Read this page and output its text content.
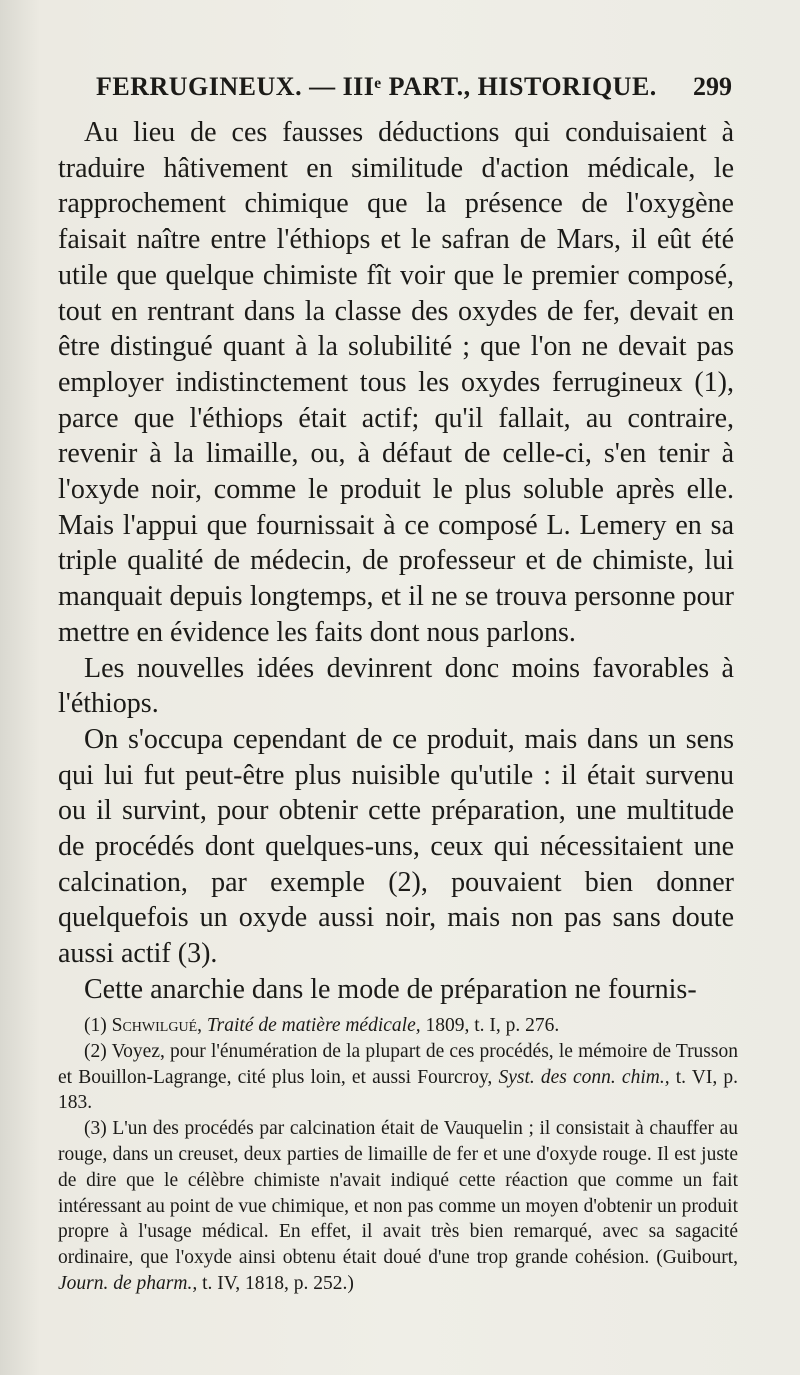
FERRUGINEUX. — IIIᵉ PART., HISTORIQUE. 299

Au lieu de ces fausses déductions qui conduisaient à traduire hâtivement en similitude d'action médicale, le rapprochement chimique que la présence de l'oxygène faisait naître entre l'éthiops et le safran de Mars, il eût été utile que quelque chimiste fît voir que le premier composé, tout en rentrant dans la classe des oxydes de fer, devait en être distingué quant à la solubilité ; que l'on ne devait pas employer indistinctement tous les oxydes ferrugineux (1), parce que l'éthiops était actif; qu'il fallait, au contraire, revenir à la limaille, ou, à défaut de celle-ci, s'en tenir à l'oxyde noir, comme le produit le plus soluble après elle. Mais l'appui que fournissait à ce composé L. Lemery en sa triple qualité de médecin, de professeur et de chimiste, lui manquait depuis longtemps, et il ne se trouva personne pour mettre en évidence les faits dont nous parlons.

Les nouvelles idées devinrent donc moins favorables à l'éthiops.

On s'occupa cependant de ce produit, mais dans un sens qui lui fut peut-être plus nuisible qu'utile : il était survenu ou il survint, pour obtenir cette préparation, une multitude de procédés dont quelques-uns, ceux qui nécessitaient une calcination, par exemple (2), pouvaient bien donner quelquefois un oxyde aussi noir, mais non pas sans doute aussi actif (3).

Cette anarchie dans le mode de préparation ne fournis-

(1) Schwilgué, Traité de matière médicale, 1809, t. I, p. 276.

(2) Voyez, pour l'énumération de la plupart de ces procédés, le mémoire de Trusson et Bouillon-Lagrange, cité plus loin, et aussi Fourcroy, Syst. des conn. chim., t. VI, p. 183.

(3) L'un des procédés par calcination était de Vauquelin ; il consistait à chauffer au rouge, dans un creuset, deux parties de limaille de fer et une d'oxyde rouge. Il est juste de dire que le célèbre chimiste n'avait indiqué cette réaction que comme un fait intéressant au point de vue chimique, et non pas comme un moyen d'obtenir un produit propre à l'usage médical. En effet, il avait très bien remarqué, avec sa sagacité ordinaire, que l'oxyde ainsi obtenu était doué d'une trop grande cohésion. (Guibourt, Journ. de pharm., t. IV, 1818, p. 252.)
